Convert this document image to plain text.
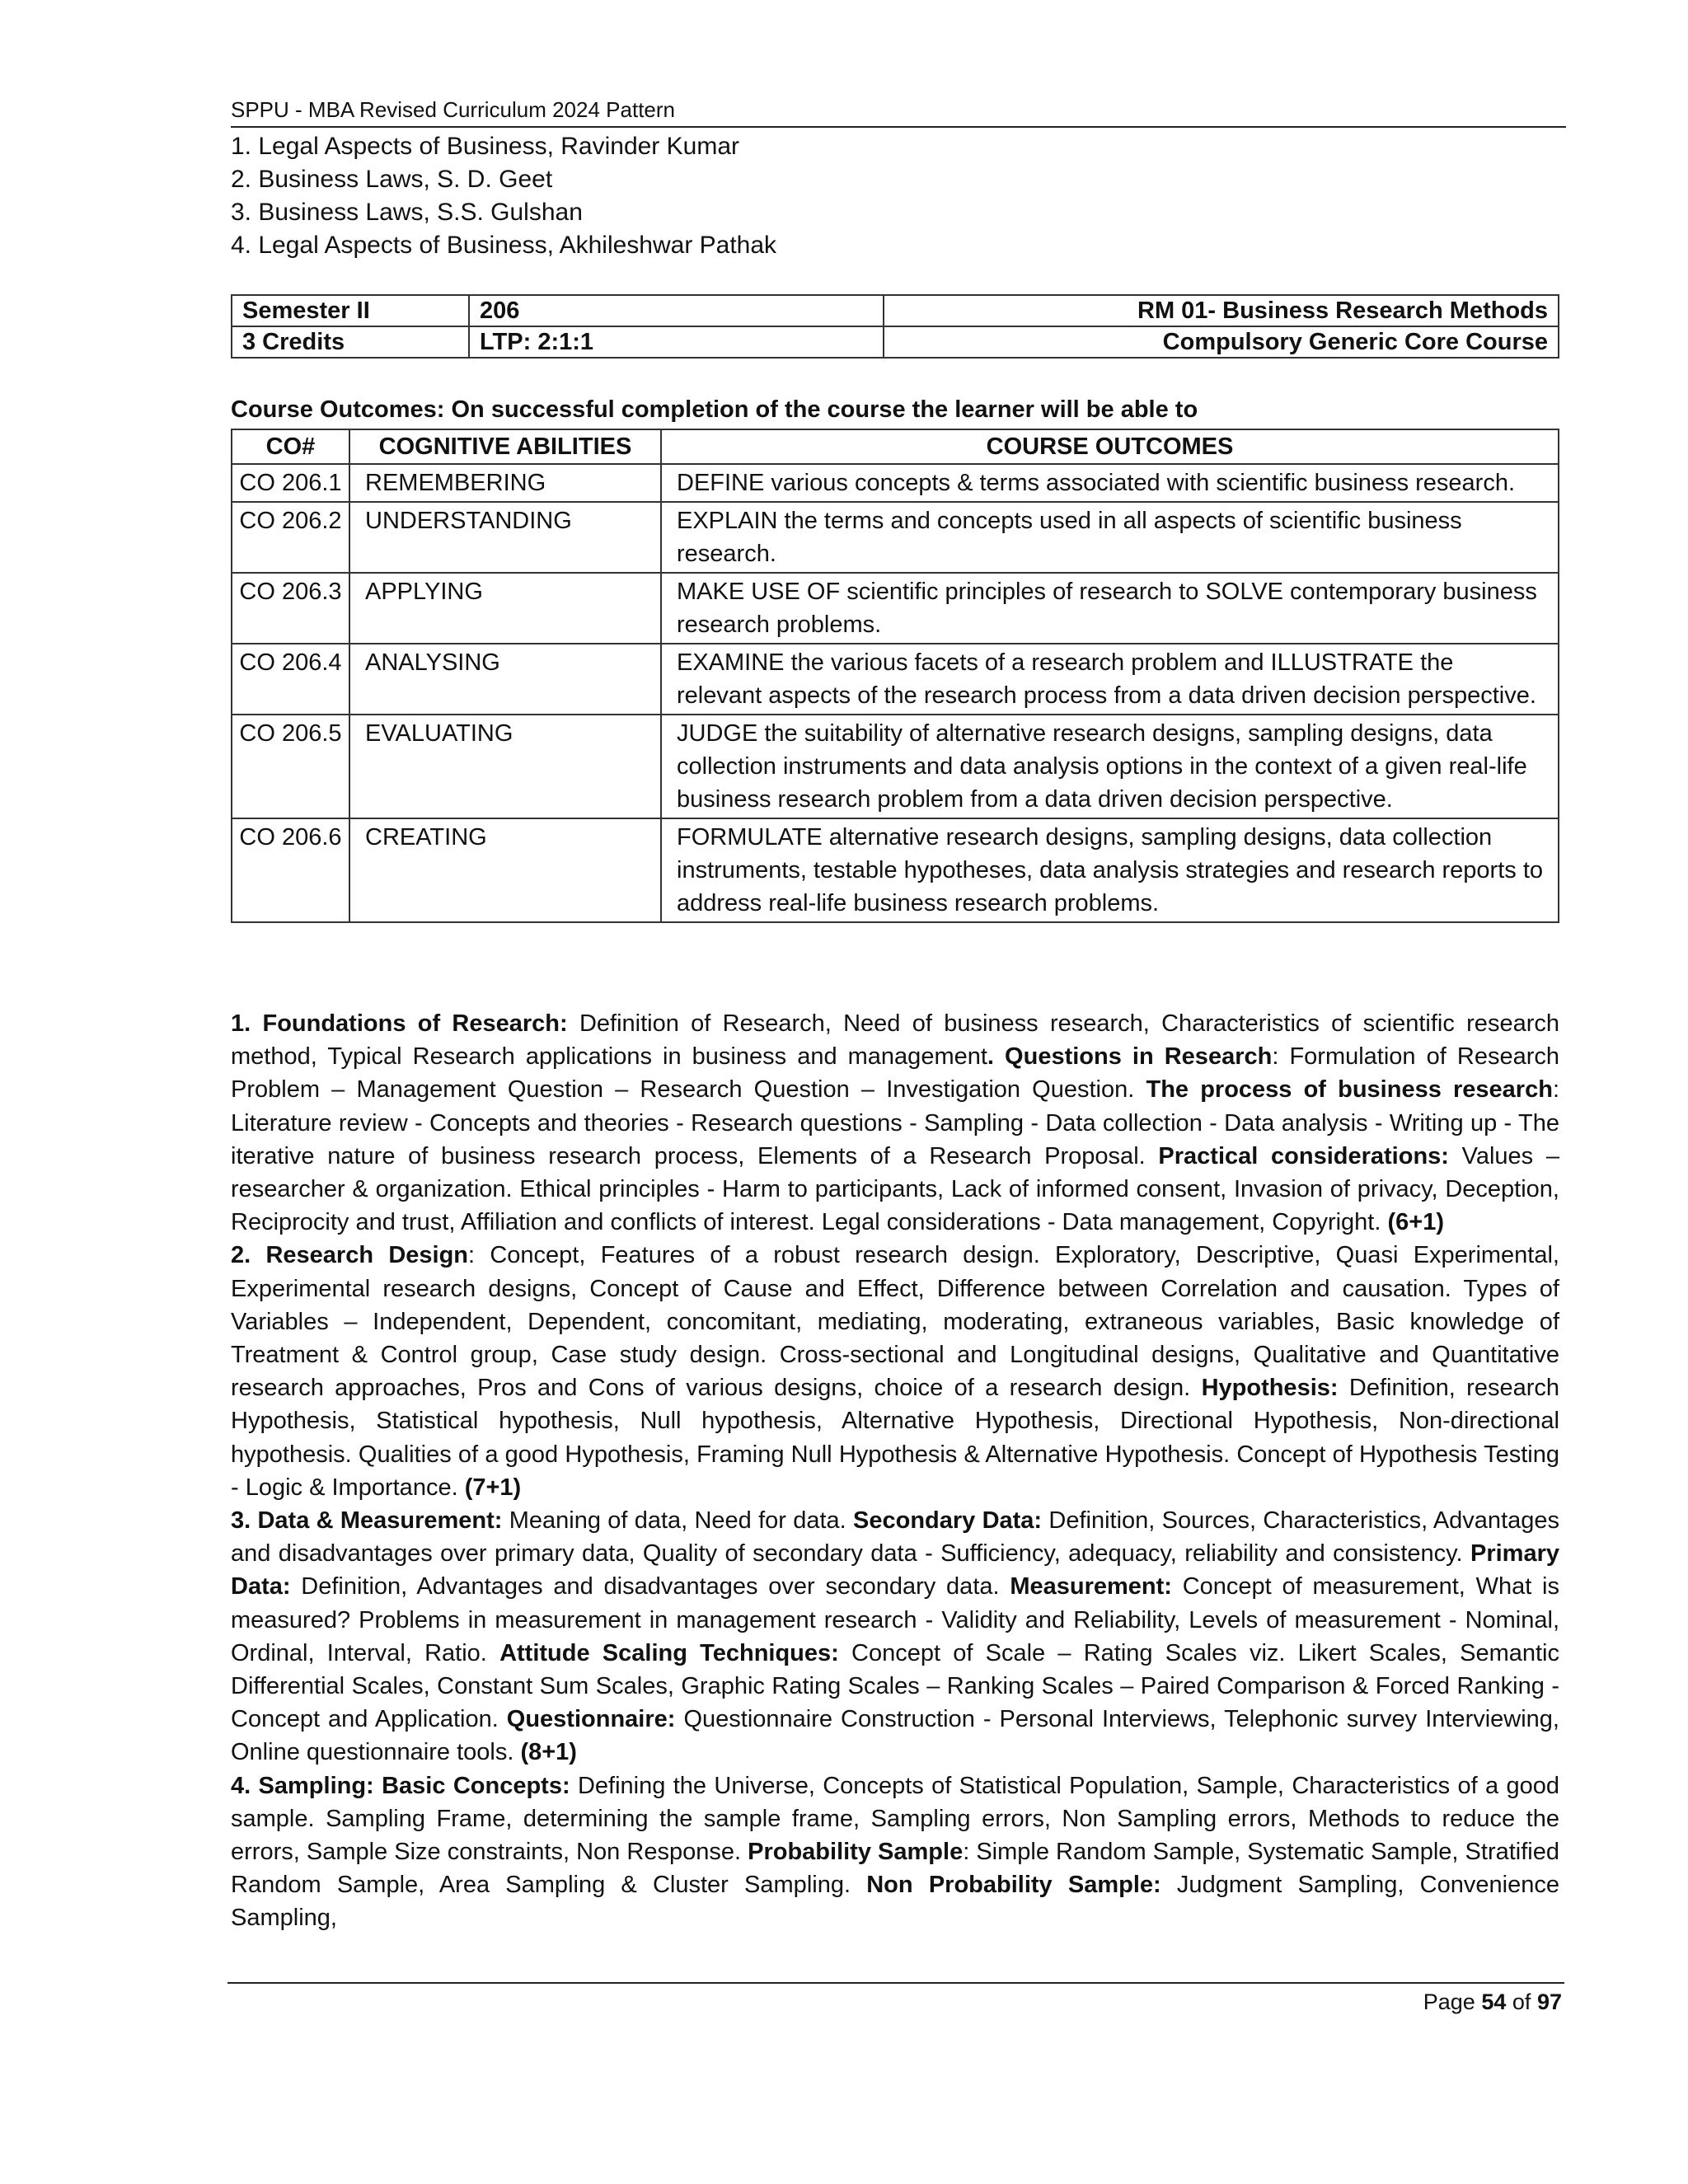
SPPU - MBA Revised Curriculum 2024 Pattern
1. Legal Aspects of Business, Ravinder Kumar
2. Business Laws, S. D. Geet
3. Business Laws, S.S. Gulshan
4. Legal Aspects of Business, Akhileshwar Pathak
Semester II	206	RM 01- Business Research Methods
3 Credits	LTP: 2:1:1	Compulsory Generic Core Course
Course Outcomes: On successful completion of the course the learner will be able to
CO#	COGNITIVE ABILITIES	COURSE OUTCOMES
CO 206.1	REMEMBERING	DEFINE various concepts & terms associated with scientific business research.
CO 206.2	UNDERSTANDING	EXPLAIN the terms and concepts used in all aspects of scientific business research.
CO 206.3	APPLYING	MAKE USE OF scientific principles of research to SOLVE contemporary business research problems.
CO 206.4	ANALYSING	EXAMINE the various facets of a research problem and ILLUSTRATE the relevant aspects of the research process from a data driven decision perspective.
CO 206.5	EVALUATING	JUDGE the suitability of alternative research designs, sampling designs, data collection instruments and data analysis options in the context of a given real-life business research problem from a data driven decision perspective.
CO 206.6	CREATING	FORMULATE alternative research designs, sampling designs, data collection instruments, testable hypotheses, data analysis strategies and research reports to address real-life business research problems.

1. Foundations of Research: Definition of Research, Need of business research, Characteristics of scientific research method, Typical Research applications in business and management. Questions in Research: Formulation of Research Problem – Management Question – Research Question – Investigation Question. The process of business research: Literature review - Concepts and theories - Research questions - Sampling - Data collection - Data analysis - Writing up - The iterative nature of business research process, Elements of a Research Proposal. Practical considerations: Values – researcher & organization. Ethical principles - Harm to participants, Lack of informed consent, Invasion of privacy, Deception, Reciprocity and trust, Affiliation and conflicts of interest. Legal considerations - Data management, Copyright. (6+1)

2. Research Design: Concept, Features of a robust research design. Exploratory, Descriptive, Quasi Experimental, Experimental research designs, Concept of Cause and Effect, Difference between Correlation and causation. Types of Variables – Independent, Dependent, concomitant, mediating, moderating, extraneous variables, Basic knowledge of Treatment & Control group, Case study design. Cross-sectional and Longitudinal designs, Qualitative and Quantitative research approaches, Pros and Cons of various designs, choice of a research design. Hypothesis: Definition, research Hypothesis, Statistical hypothesis, Null hypothesis, Alternative Hypothesis, Directional Hypothesis, Non-directional hypothesis. Qualities of a good Hypothesis, Framing Null Hypothesis & Alternative Hypothesis. Concept of Hypothesis Testing - Logic & Importance. (7+1)

3. Data & Measurement: Meaning of data, Need for data. Secondary Data: Definition, Sources, Characteristics, Advantages and disadvantages over primary data, Quality of secondary data - Sufficiency, adequacy, reliability and consistency. Primary Data: Definition, Advantages and disadvantages over secondary data. Measurement: Concept of measurement, What is measured? Problems in measurement in management research - Validity and Reliability, Levels of measurement - Nominal, Ordinal, Interval, Ratio. Attitude Scaling Techniques: Concept of Scale – Rating Scales viz. Likert Scales, Semantic Differential Scales, Constant Sum Scales, Graphic Rating Scales – Ranking Scales – Paired Comparison & Forced Ranking - Concept and Application. Questionnaire: Questionnaire Construction - Personal Interviews, Telephonic survey Interviewing, Online questionnaire tools. (8+1)

4. Sampling: Basic Concepts: Defining the Universe, Concepts of Statistical Population, Sample, Characteristics of a good sample. Sampling Frame, determining the sample frame, Sampling errors, Non Sampling errors, Methods to reduce the errors, Sample Size constraints, Non Response. Probability Sample: Simple Random Sample, Systematic Sample, Stratified Random Sample, Area Sampling & Cluster Sampling. Non Probability Sample: Judgment Sampling, Convenience Sampling,

Page 54 of 97
